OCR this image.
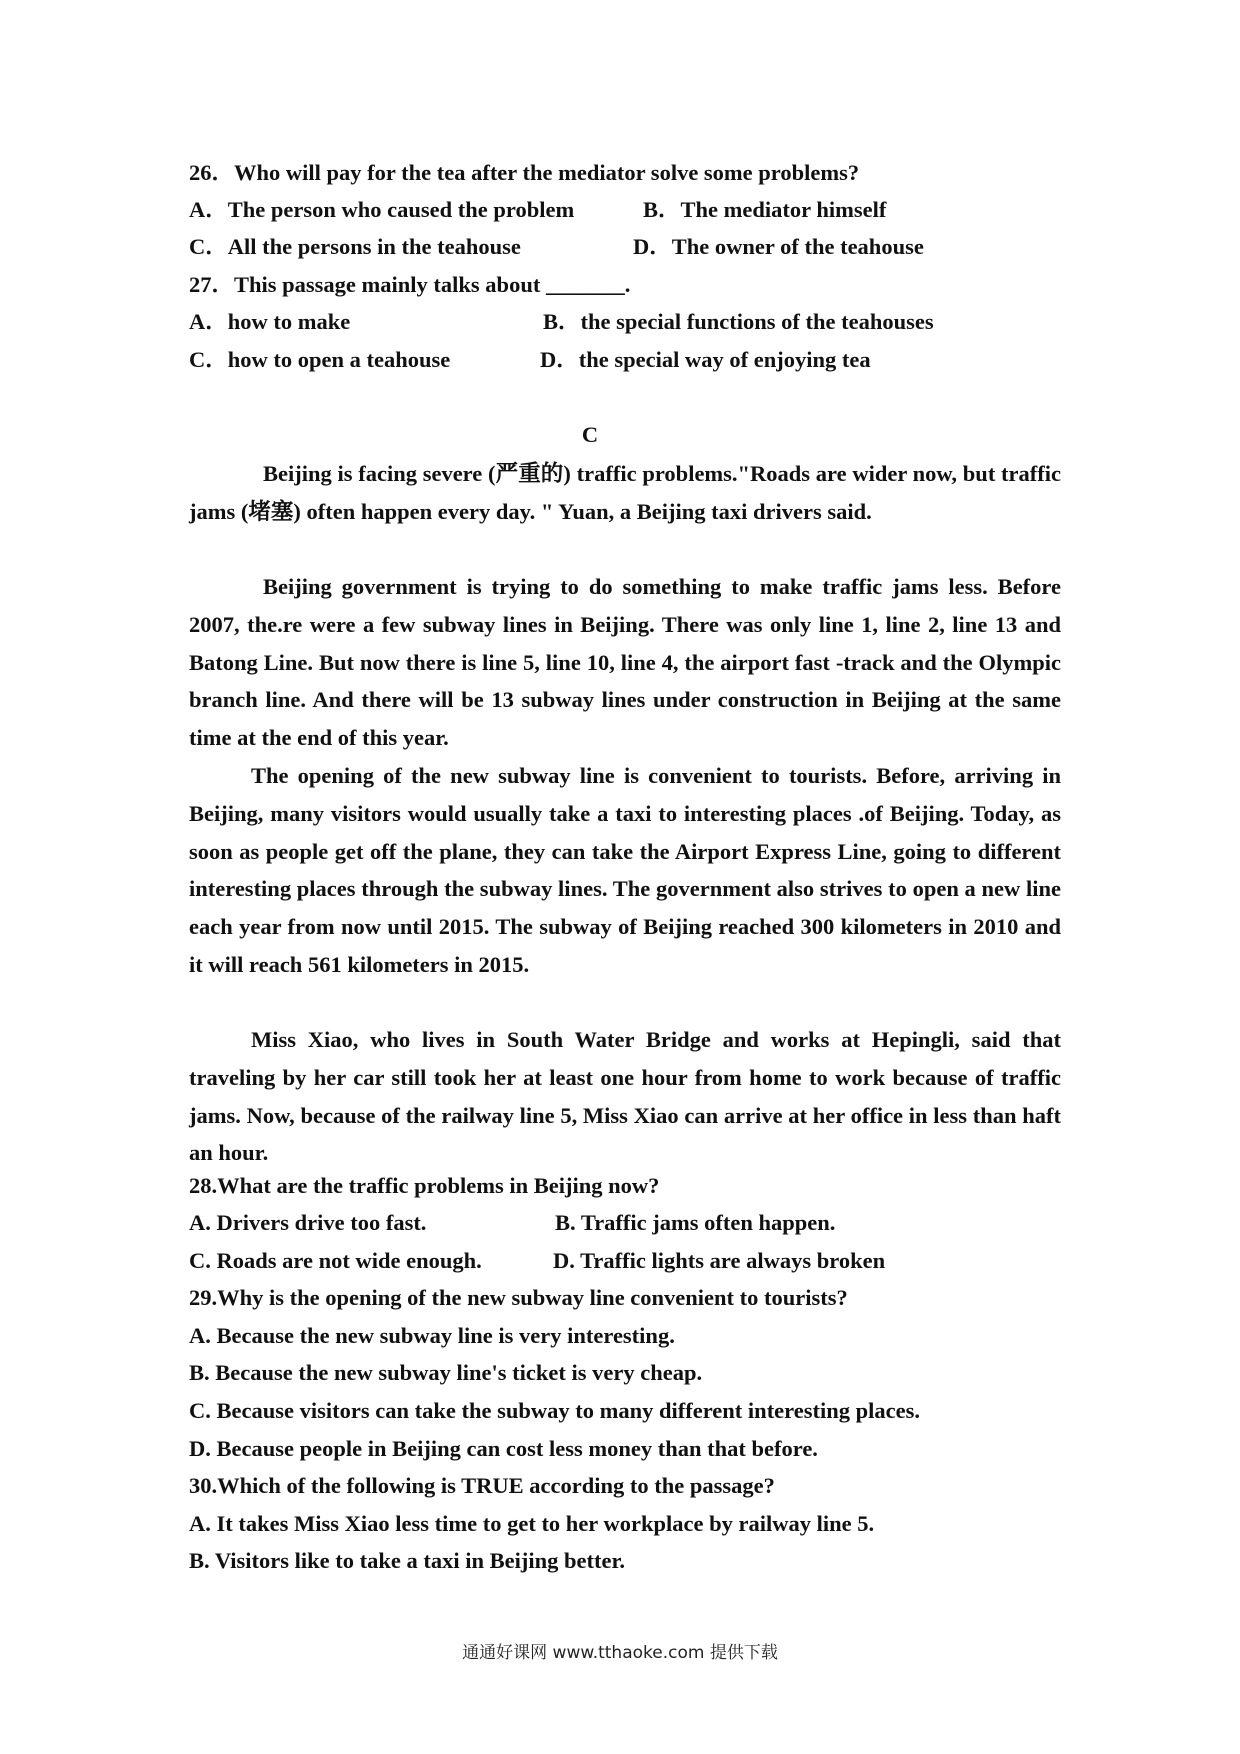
26．Who will pay for the tea after the mediator solve some problems?
A．The person who caused the problem	B．The mediator himself
C．All the persons in the teahouse	D．The owner of the teahouse
27．This passage mainly talks about _______.
A．how to make	B．the special functions of the teahouses
C．how to open a teahouse	D．the special way of enjoying tea
C
Beijing is facing severe (严重的) traffic problems."Roads are wider now, but traffic jams (堵塞) often happen every day. " Yuan, a Beijing taxi drivers said.
Beijing government is trying to do something to make traffic jams less. Before 2007, the.re were a few subway lines in Beijing. There was only line 1, line 2, line 13 and Batong Line. But now there is line 5, line 10, line 4, the airport fast -track and the Olympic branch line. And there will be 13 subway lines under construction in Beijing at the same time at the end of this year.
The opening of the new subway line is convenient to tourists. Before, arriving in Beijing, many visitors would usually take a taxi to interesting places .of Beijing. Today, as soon as people get off the plane, they can take the Airport Express Line, going to different interesting places through the subway lines. The government also strives to open a new line each year from now until 2015. The subway of Beijing reached 300 kilometers in 2010 and it will reach 561 kilometers in 2015.
Miss Xiao, who lives in South Water Bridge and works at Hepingli, said that traveling by her car still took her at least one hour from home to work because of traffic jams. Now, because of the railway line 5, Miss Xiao can arrive at her office in less than haft an hour.
28.What are the traffic problems in Beijing now?
A. Drivers drive too fast.	B. Traffic jams often happen.
C. Roads are not wide enough.	D. Traffic lights are always broken
29.Why is the opening of the new subway line convenient to tourists?
A. Because the new subway line is very interesting.
B. Because the new subway line's ticket is very cheap.
C. Because visitors can take the subway to many different interesting places.
D. Because people in Beijing can cost less money than that before.
30.Which of the following is TRUE according to the passage?
A. It takes Miss Xiao less time to get to her workplace by railway line 5.
B. Visitors like to take a taxi in Beijing better.
通通好课网 www.tthaoke.com 提供下载
